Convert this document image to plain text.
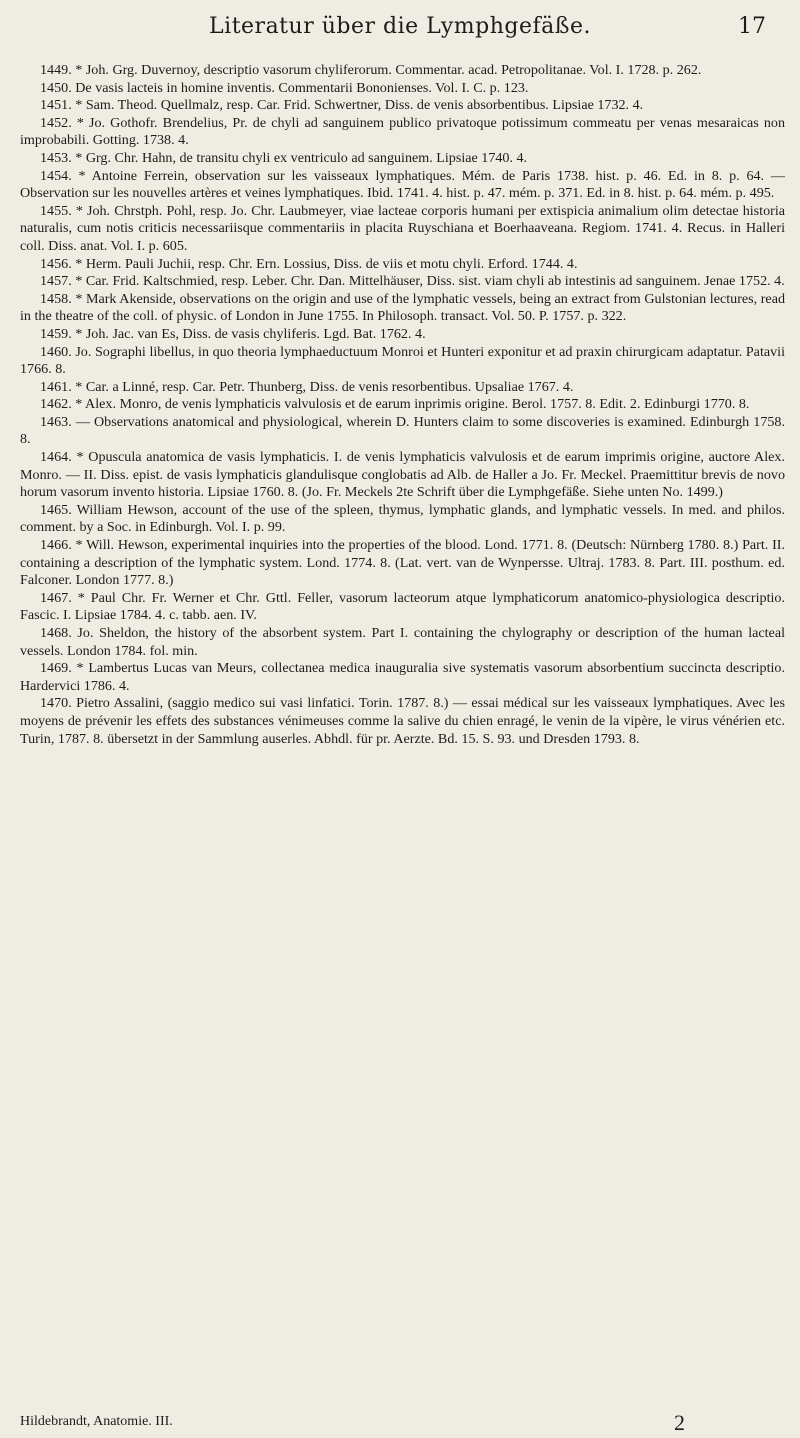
Literatur über die Lymphgefäße.	17

1449. * Joh. Grg. Duvernoy, descriptio vasorum chyliferorum. Commentar. acad. Petropolitanae. Vol. I. 1728. p. 262.

1450. De vasis lacteis in homine inventis. Commentarii Bononienses. Vol. I. C. p. 123.

1451. * Sam. Theod. Quellmalz, resp. Car. Frid. Schwertner, Diss. de venis absorbentibus. Lipsiae 1732. 4.

1452. * Jo. Gothofr. Brendelius, Pr. de chyli ad sanguinem publico privatoque potissimum commeatu per venas mesaraicas non improbabili. Gotting. 1738. 4.

1453. * Grg. Chr. Hahn, de transitu chyli ex ventriculo ad sanguinem. Lipsiae 1740. 4.

1454. * Antoine Ferrein, observation sur les vaisseaux lymphatiques. Mém. de Paris 1738. hist. p. 46. Ed. in 8. p. 64. — Observation sur les nouvelles artères et veines lymphatiques. Ibid. 1741. 4. hist. p. 47. mém. p. 371. Ed. in 8. hist. p. 64. mém. p. 495.

1455. * Joh. Chrstph. Pohl, resp. Jo. Chr. Laubmeyer, viae lacteae corporis humani per extispicia animalium olim detectae historia naturalis, cum notis criticis necessariisque commentariis in placita Ruyschiana et Boerhaaveana. Regiom. 1741. 4. Recus. in Halleri coll. Diss. anat. Vol. I. p. 605.

1456. * Herm. Pauli Juchii, resp. Chr. Ern. Lossius, Diss. de viis et motu chyli. Erford. 1744. 4.

1457. * Car. Frid. Kaltschmied, resp. Leber. Chr. Dan. Mittelhäuser, Diss. sist. viam chyli ab intestinis ad sanguinem. Jenae 1752. 4.

1458. * Mark Akenside, observations on the origin and use of the lymphatic vessels, being an extract from Gulstonian lectures, read in the theatre of the coll. of physic. of London in June 1755. In Philosoph. transact. Vol. 50. P. 1757. p. 322.

1459. * Joh. Jac. van Es, Diss. de vasis chyliferis. Lgd. Bat. 1762. 4.

1460. Jo. Sographi libellus, in quo theoria lymphaeductuum Monroi et Hunteri exponitur et ad praxin chirurgicam adaptatur. Patavii 1766. 8.

1461. * Car. a Linné, resp. Car. Petr. Thunberg, Diss. de venis resorbentibus. Upsaliae 1767. 4.

1462. * Alex. Monro, de venis lymphaticis valvulosis et de earum inprimis origine. Berol. 1757. 8. Edit. 2. Edinburgi 1770. 8.

1463. — Observations anatomical and physiological, wherein D. Hunters claim to some discoveries is examined. Edinburgh 1758. 8.

1464. * Opuscula anatomica de vasis lymphaticis. I. de venis lymphaticis valvulosis et de earum imprimis origine, auctore Alex. Monro. — II. Diss. epist. de vasis lymphaticis glandulisque conglobatis ad Alb. de Haller a Jo. Fr. Meckel. Praemittitur brevis de novo horum vasorum invento historia. Lipsiae 1760. 8. (Jo. Fr. Meckels 2te Schrift über die Lymphgefäße. Siehe unten No. 1499.)

1465. William Hewson, account of the use of the spleen, thymus, lymphatic glands, and lymphatic vessels. In med. and philos. comment. by a Soc. in Edinburgh. Vol. I. p. 99.

1466. * Will. Hewson, experimental inquiries into the properties of the blood. Lond. 1771. 8. (Deutsch: Nürnberg 1780. 8.) Part. II. containing a description of the lymphatic system. Lond. 1774. 8. (Lat. vert. van de Wynpersse. Ultraj. 1783. 8. Part. III. posthum. ed. Falconer. London 1777. 8.)

1467. * Paul Chr. Fr. Werner et Chr. Gttl. Feller, vasorum lacteorum atque lymphaticorum anatomico-physiologica descriptio. Fascic. I. Lipsiae 1784. 4. c. tabb. aen. IV.

1468. Jo. Sheldon, the history of the absorbent system. Part I. containing the chylography or description of the human lacteal vessels. London 1784. fol. min.

1469. * Lambertus Lucas van Meurs, collectanea medica inauguralia sive systematis vasorum absorbentium succincta descriptio. Hardervici 1786. 4.

1470. Pietro Assalini, (saggio medico sui vasi linfatici. Torin. 1787. 8.) — essai médical sur les vaisseaux lymphatiques. Avec les moyens de prévenir les effets des substances vénimeuses comme la salive du chien enragé, le venin de la vipère, le virus vénérien etc. Turin, 1787. 8. übersetzt in der Sammlung auserles. Abhdl. für pr. Aerzte. Bd. 15. S. 93. und Dresden 1793. 8.

Hildebrandt, Anatomie. III.	2
